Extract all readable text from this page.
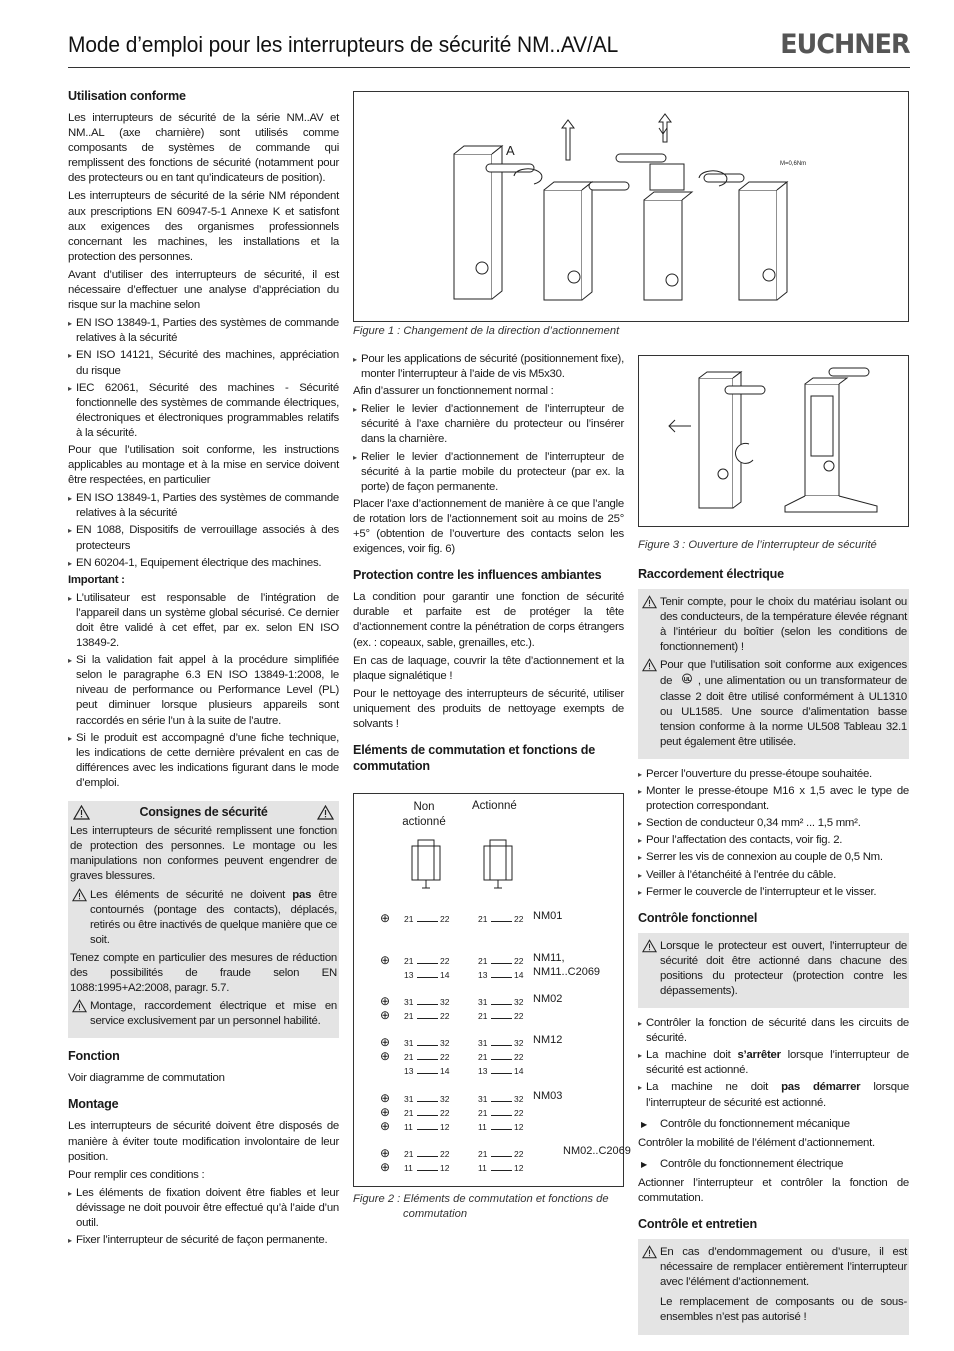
Mode d’emploi pour les interrupteurs de sécurité NM..AV/AL	EUCHNER
Utilisation conforme

Les interrupteurs de sécurité de la série NM..AV et NM..AL (axe charnière) sont utilisés comme composants de systèmes de commande qui remplissent des fonctions de sécurité (notamment pour des protecteurs ou en tant qu’indicateurs de position).

Les interrupteurs de sécurité de la série NM répondent aux prescriptions EN 60947-5-1 Annexe K et satisfont aux exigences des organismes professionnels concernant les machines, les installations et la protection des personnes.

Avant d’utiliser des interrupteurs de sécurité, il est nécessaire d’effectuer une analyse d’appréciation du risque sur la machine selon

▸ EN ISO 13849-1, Parties des systèmes de commande relatives à la sécurité
▸ EN ISO 14121, Sécurité des machines, appréciation du risque
▸ IEC 62061, Sécurité des machines - Sécurité fonctionnelle des systèmes de commande électriques, électroniques et électroniques programmables relatifs à la sécurité.

Pour que l’utilisation soit conforme, les instructions applicables au montage et à la mise en service doivent être respectées, en particulier

▸ EN ISO 13849-1, Parties des systèmes de commande relatives à la sécurité
▸ EN 1088, Dispositifs de verrouillage associés à des protecteurs
▸ EN 60204-1, Equipement électrique des machines.

Important :

▸ L’utilisateur est responsable de l’intégration de l’appareil dans un système global sécurisé. Ce dernier doit être validé à cet effet, par ex. selon EN ISO 13849-2.
▸ Si la validation fait appel à la procédure simplifiée selon le paragraphe 6.3 EN ISO 13849-1:2008, le niveau de performance ou Performance Level (PL) peut diminuer lorsque plusieurs appareils sont raccordés en série l’un à la suite de l’autre.
▸ Si le produit est accompagné d’une fiche technique, les indications de cette dernière prévalent en cas de différences avec les indications figurant dans le mode d’emploi.
Consignes de sécurité

Les interrupteurs de sécurité remplissent une fonction de protection des personnes. Le montage ou les manipulations non conformes peuvent engendrer de graves blessures.

Les éléments de sécurité ne doivent pas être contournés (pontage des contacts), déplacés, retirés ou être inactivés de quelque manière que ce soit.

Tenez compte en particulier des mesures de réduction des possibilités de fraude selon EN 1088:1995+A2:2008, paragr. 5.7.

Montage, raccordement électrique et mise en service exclusivement par un personnel habilité.
Fonction

Voir diagramme de commutation

Montage

Les interrupteurs de sécurité doivent être disposés de manière à éviter toute modification involontaire de leur position.

Pour remplir ces conditions :

▸ Les éléments de fixation doivent être fiables et leur dévissage ne doit pouvoir être effectué qu’à l’aide d’un outil.
▸ Fixer l’interrupteur de sécurité de façon permanente.
A
M=0,6Nm
Figure 1 : Changement de la direction d’actionnement
▸ Pour les applications de sécurité (positionnement fixe), monter l’interrupteur à l’aide de vis M5x30.

Afin d’assurer un fonctionnement normal :

▸ Relier le levier d’actionnement de l’interrupteur de sécurité à l’axe charnière du protecteur ou l’insérer dans la charnière.
▸ Relier le levier d’actionnement de l’interrupteur de sécurité à la partie mobile du protecteur (par ex. la porte) de façon permanente.

Placer l’axe d’actionnement de manière à ce que l’angle de rotation lors de l’actionnement soit au moins de 25°+5° (obtention de l’ouverture des contacts selon les exigences, voir fig. 6)

Protection contre les influences ambiantes

La condition pour garantir une fonction de sécurité durable et parfaite est de protéger la tête d’actionnement contre la pénétration de corps étrangers (ex. : copeaux, sable, grenailles, etc.).

En cas de laquage, couvrir la tête d’actionnement et la plaque signalétique !

Pour le nettoyage des interrupteurs de sécurité, utiliser uniquement des produits de nettoyage exempts de solvants !

Eléments de commutation et fonctions de commutation
Non actionné
Actionné
⊕ 21	22	21	22 NM01
⊕ 21	22	21	22
13	14	13	14
NM11,
NM11..C2069
⊕ 31	32	31	32
⊕ 21	22	21	22
NM02
⊕ 31	32	31	32
⊕ 21	22	21	22
13	14	13	14
NM12
⊕ 31	32	31	32
⊕ 21	22	21	22
⊕ 11	12	11	12
NM03
⊕ 21	22	21	22
⊕ 11	12	11	12
NM02..C2069
Figure 2 : Eléments de commutation et fonctions de
commutation
Figure 3 : Ouverture de l’interrupteur de sécurité
Raccordement électrique
Tenir compte, pour le choix du matériau isolant ou des conducteurs, de la température élevée régnant à l’intérieur du boîtier (selon les conditions de fonctionnement) !
Pour que l’utilisation soit conforme aux exigences de UL , une alimentation ou un transformateur de classe 2 doit être utilisé conformément à UL1310 ou UL1585. Une source d’alimentation basse tension conforme à la norme UL508 Tableau 32.1 peut également être utilisée.
▸ Percer l’ouverture du presse-étoupe souhaitée.
▸ Monter le presse-étoupe M16 x 1,5 avec le type de protection correspondant.
▸ Section de conducteur 0,34 mm² ... 1,5 mm².
▸ Pour l’affectation des contacts, voir fig. 2.
▸ Serrer les vis de connexion au couple de 0,5 Nm.
▸ Veiller à l’étanchéité à l’entrée du câble.
▸ Fermer le couvercle de l’interrupteur et le visser.
Contrôle fonctionnel
Lorsque le protecteur est ouvert, l’interrupteur de sécurité doit être actionné dans chacune des positions du protecteur (protection contre les dépassements).
▸ Contrôler la fonction de sécurité dans les circuits de sécurité.
▸ La machine doit s’arrêter lorsque l’interrupteur de sécurité est actionné.
▸ La machine ne doit pas démarrer lorsque l’interrupteur de sécurité est actionné.
▶ Contrôle du fonctionnement mécanique

Contrôler la mobilité de l’élément d’actionnement.

▶ Contrôle du fonctionnement électrique

Actionner l’interrupteur et contrôler la fonction de commutation.

Contrôle et entretien
En cas d’endommagement ou d’usure, il est nécessaire de remplacer entièrement l’interrupteur avec l’élément d’actionnement.

Le remplacement de composants ou de sous-ensembles n’est pas autorisé !
